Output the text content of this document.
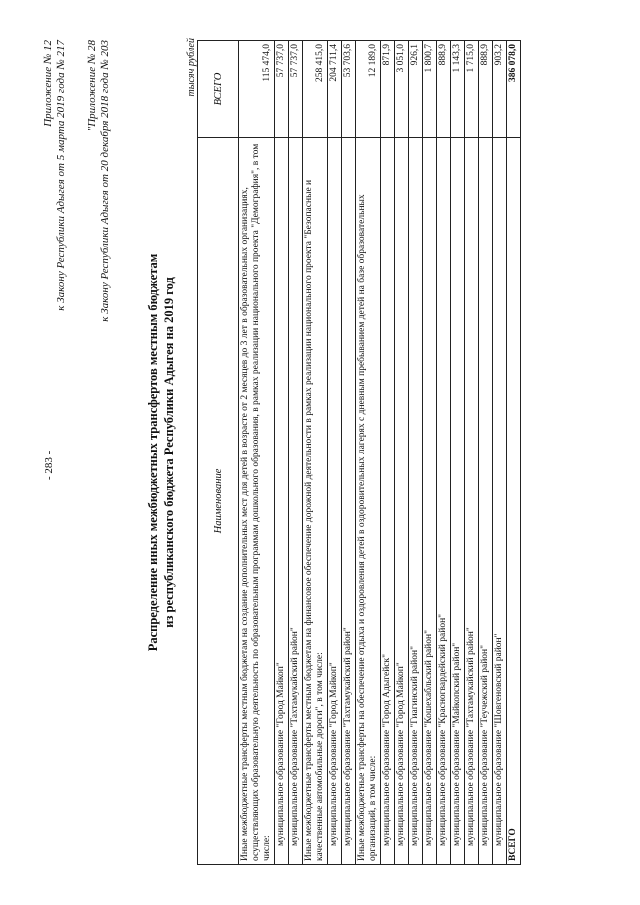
- 283 -
Приложение № 12 к Закону Республики Адыгея от 5 марта 2019 года № 217 "Приложение № 28 к Закону Республики Адыгея от 20 декабря 2018 года № 203
Распределение иных межбюджетных трансфертов местным бюджетам из республиканского бюджета Республики Адыгея на 2019 год
тысяч рублей
Наименование	ВСЕГО
Иные межбюджетные трансферты местным бюджетам на создание дополнительных мест для детей в возрасте от 2 месяцев до 3 лет в образовательных организациях, осуществляющих образовательную деятельность по образовательным программам дошкольного образования, в рамках реализации национального проекта "Демография", в том числе:	115 474,0
муниципальное образование "Город Майкоп"	57 737,0
муниципальное образование "Тахтамукайский район"	57 737,0
Иные межбюджетные трансферты местным бюджетам на финансовое обеспечение дорожной деятельности в рамках реализации национального проекта "Безопасные и качественные автомобильные дороги", в том числе:	258 415,0
муниципальное образование "Город Майкоп"	204 711,4
муниципальное образование "Тахтамукайский район"	53 703,6
Иные межбюджетные трансферты на обеспечение отдыха и оздоровления детей в оздоровительных лагерях с дневным пребыванием детей на базе образовательных организаций, в том числе:	12 189,0
муниципальное образование "Город Адыгейск"	871,9
муниципальное образование "Город Майкоп"	3 051,0
муниципальное образование "Гиагинский район"	926,1
муниципальное образование "Кошехабльский район"	1 800,7
муниципальное образование "Красногвардейский район"	888,9
муниципальное образование "Майкопский район"	1 143,3
муниципальное образование "Тахтамукайский район"	1 715,0
муниципальное образование "Теучежский район"	888,9
муниципальное образование "Шовгеновский район"	903,2
ВСЕГО	386 078,0
